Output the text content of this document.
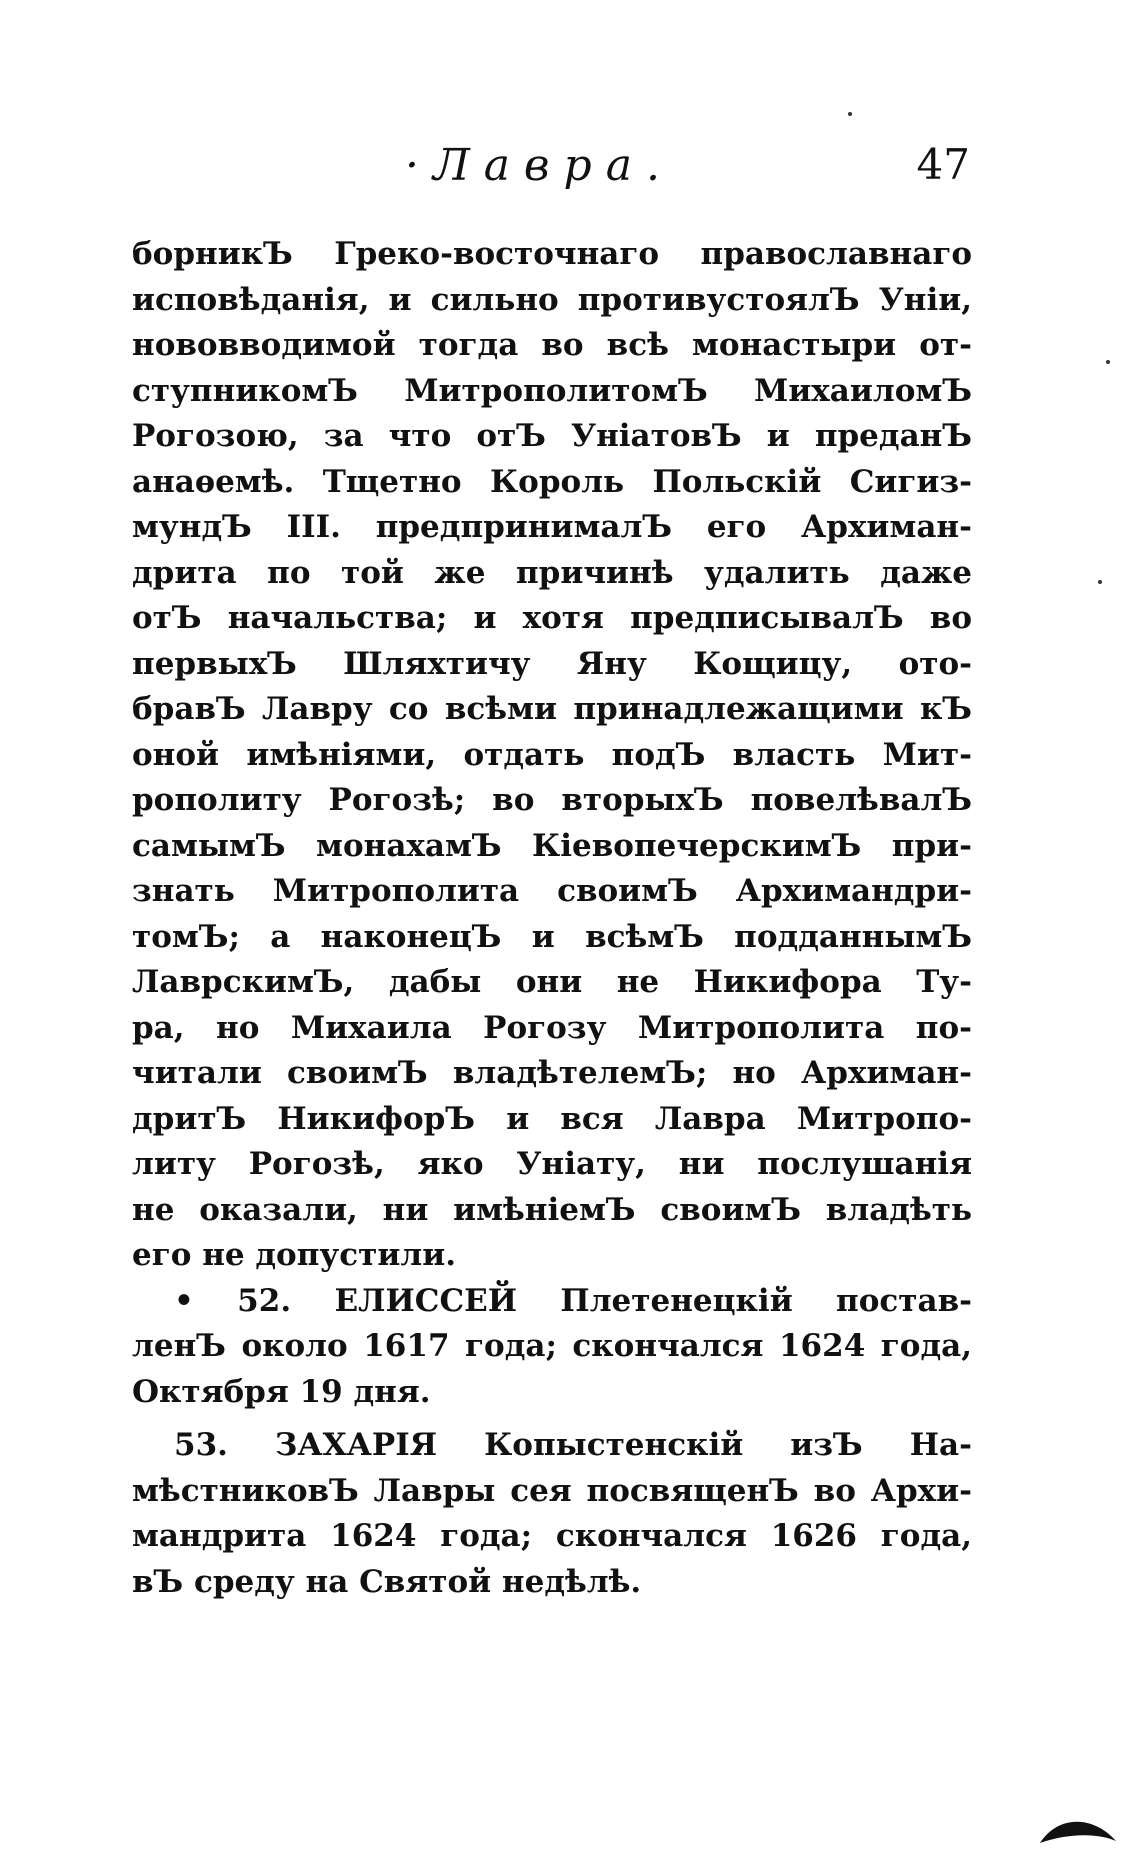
·Лавра.	47
борникЪ Греко-восточнаго православнаго
исповѣданія, и сильно противустоялЪ Уніи,
нововводимой тогда во всѣ монастыри от-
ступникомЪ МитрополитомЪ МихаиломЪ
Рогозою, за что отЪ УніатовЪ и преданЪ
анаѳемѣ. Тщетно Король Польскій Сигиз-
мундЪ III. предпринималЪ его Архиман-
дрита по той же причинѣ удалить даже
отЪ начальства; и хотя предписывалЪ во
первыхЪ Шляхтичу Яну Кощицу, ото-
бравЪ Лавру со всѣми принадлежащими кЪ
оной имѣніями, отдать подЪ власть Мит-
рополиту Рогозѣ; во вторыхЪ повелѣвалЪ
самымЪ монахамЪ КіевопечерскимЪ при-
знать Митрополита своимЪ Архимандри-
томЪ; а наконецЪ и всѣмЪ подданнымЪ
ЛаврскимЪ, дабы они не Никифора Ту-
ра, но Михаила Рогозу Митрополита по-
читали своимЪ владѣтелемЪ; но Архиман-
дритЪ НикифорЪ и вся Лавра Митропо-
литу Рогозѣ, яко Уніату, ни послушанія
не оказали, ни имѣніемЪ своимЪ владѣть
его не допустили.
• 52. ЕЛИССЕЙ Плетенецкій постав-
ленЪ около 1617 года; скончался 1624 года,
Октября 19 дня.
53. ЗАХАРІЯ Копыстенскій изЪ На-
мѣстниковЪ Лавры сея посвященЪ во Архи-
мандрита 1624 года; скончался 1626 года,
вЪ среду на Святой недѣлѣ.
